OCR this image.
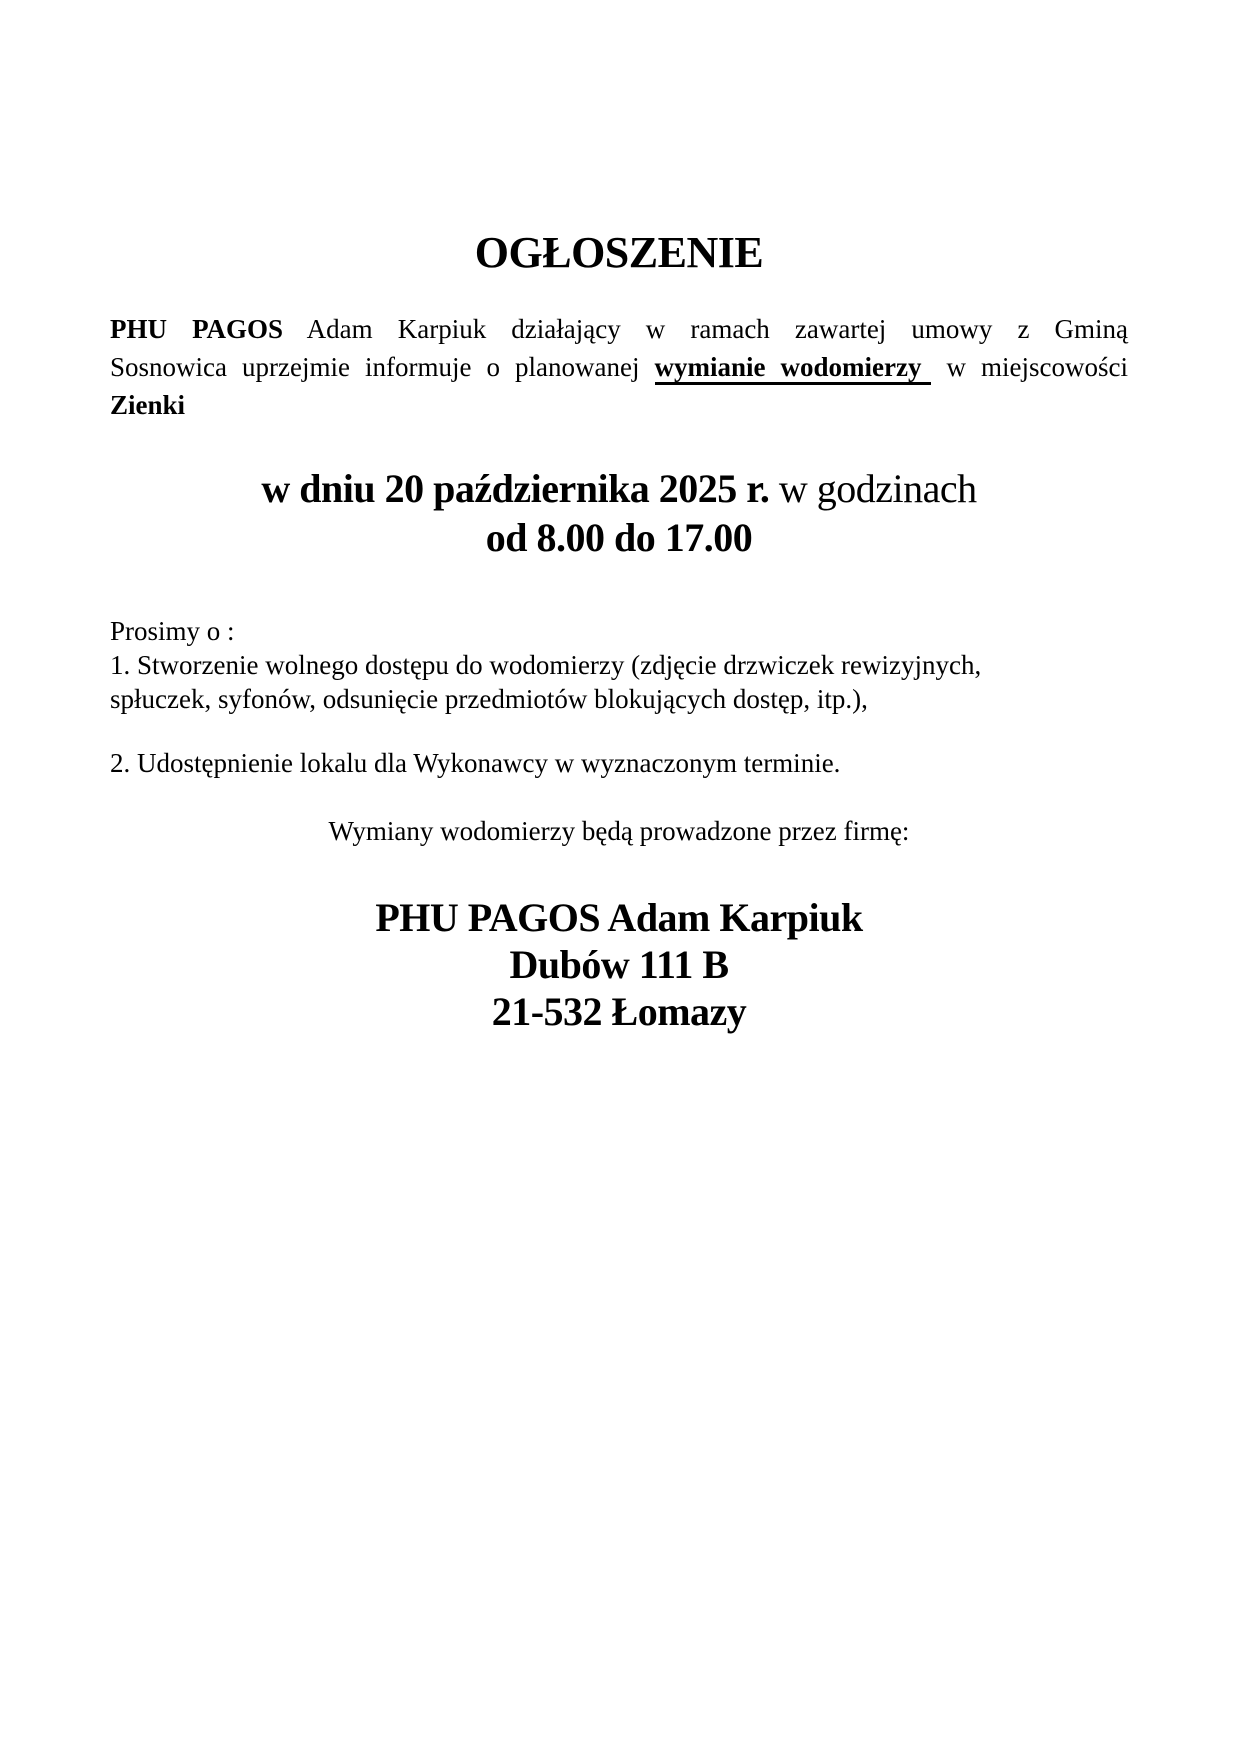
OGŁOSZENIE
PHU PAGOS Adam Karpiuk działający w ramach zawartej umowy z Gminą
Sosnowica uprzejmie informuje o planowanej wymianie wodomierzy w miejscowości
Zienki
w dniu 20 października 2025 r. w godzinach
od 8.00 do 17.00
Prosimy o :
1. Stworzenie wolnego dostępu do wodomierzy (zdjęcie drzwiczek rewizyjnych,
spłuczek, syfonów, odsunięcie przedmiotów blokujących dostęp, itp.),
2. Udostępnienie lokalu dla Wykonawcy w wyznaczonym terminie.
Wymiany wodomierzy będą prowadzone przez firmę:
PHU PAGOS Adam Karpiuk
Dubów 111 B
21-532 Łomazy
